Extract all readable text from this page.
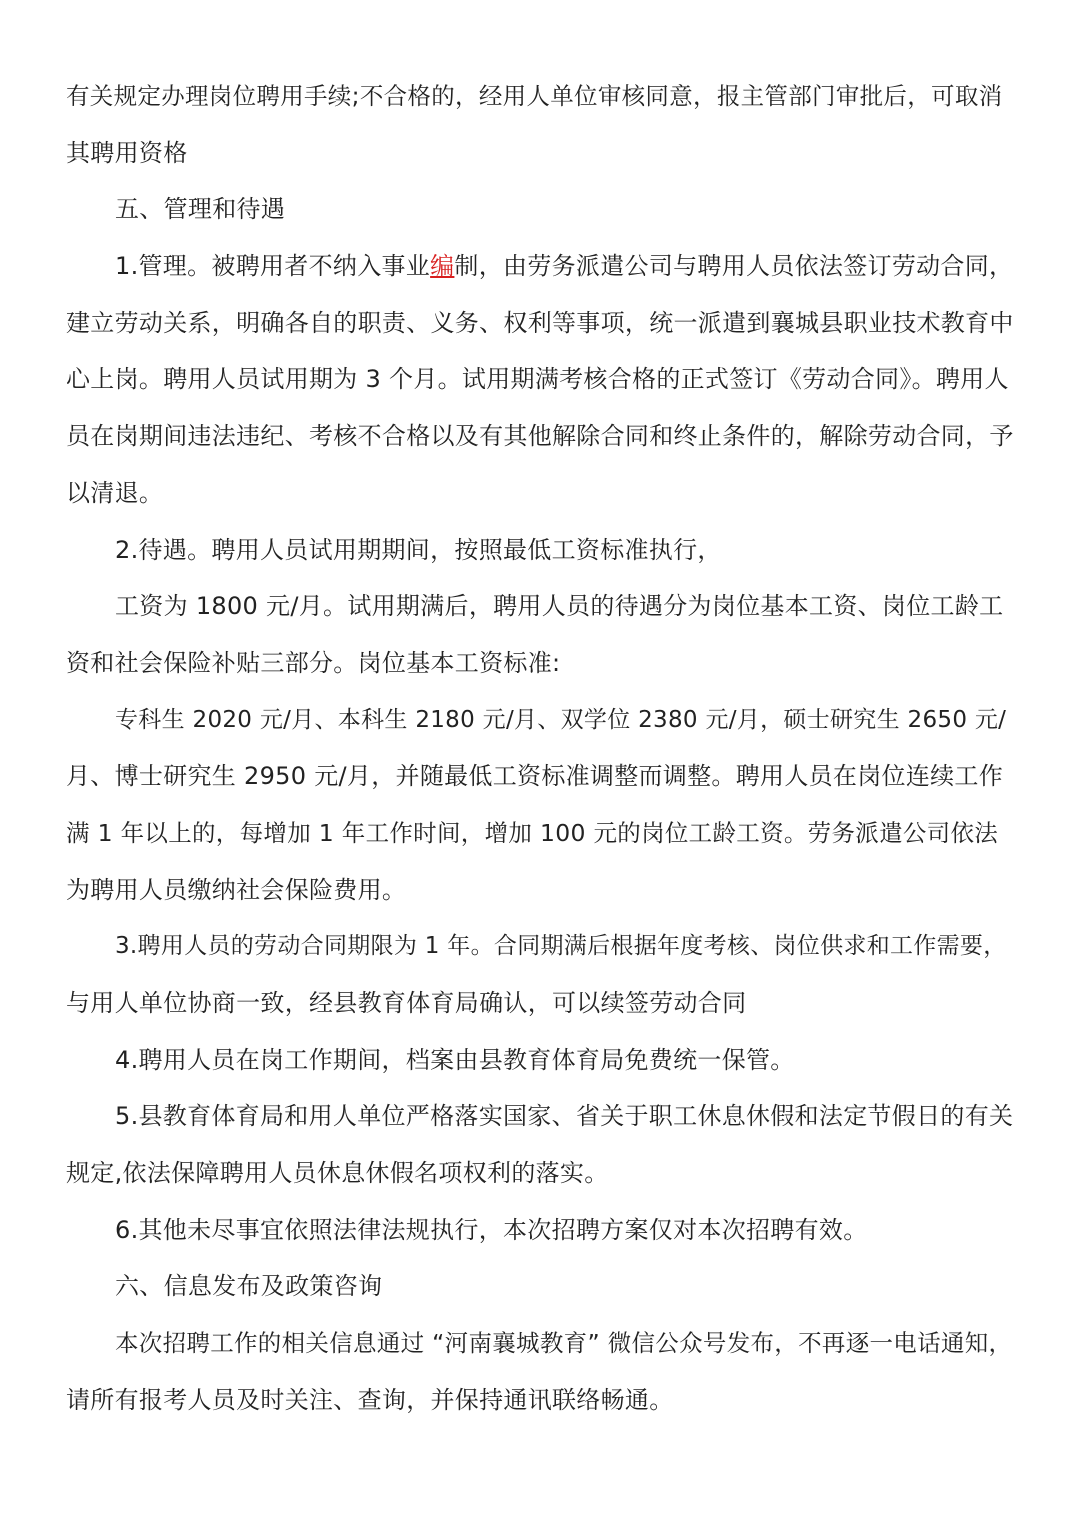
有关规定办理岗位聘用手续;不合格的，经用人单位审核同意，报主管部门审批后，可取消
其聘用资格
五、管理和待遇
1.管理。被聘用者不纳入事业编制，由劳务派遣公司与聘用人员依法签订劳动合同，
建立劳动关系，明确各自的职责、义务、权利等事项，统一派遣到襄城县职业技术教育中
心上岗。聘用人员试用期为 3 个月。试用期满考核合格的正式签订《劳动合同》。聘用人
员在岗期间违法违纪、考核不合格以及有其他解除合同和终止条件的，解除劳动合同，予
以清退。
2.待遇。聘用人员试用期期间，按照最低工资标准执行，
工资为 1800 元/月。试用期满后，聘用人员的待遇分为岗位基本工资、岗位工龄工
资和社会保险补贴三部分。岗位基本工资标准:
专科生 2020 元/月、本科生 2180 元/月、双学位 2380 元/月，硕士研究生 2650 元/
月、博士研究生 2950 元/月，并随最低工资标准调整而调整。聘用人员在岗位连续工作
满 1 年以上的，每增加 1 年工作时间，增加 100 元的岗位工龄工资。劳务派遣公司依法
为聘用人员缴纳社会保险费用。
3.聘用人员的劳动合同期限为 1 年。合同期满后根据年度考核、岗位供求和工作需要，
与用人单位协商一致，经县教育体育局确认，可以续签劳动合同
4.聘用人员在岗工作期间，档案由县教育体育局免费统一保管。
5.县教育体育局和用人单位严格落实国家、省关于职工休息休假和法定节假日的有关
规定,依法保障聘用人员休息休假名项权利的落实。
6.其他未尽事宜依照法律法规执行，本次招聘方案仅对本次招聘有效。
六、信息发布及政策咨询
本次招聘工作的相关信息通过 “河南襄城教育” 微信公众号发布，不再逐一电话通知，
请所有报考人员及时关注、查询，并保持通讯联络畅通。
